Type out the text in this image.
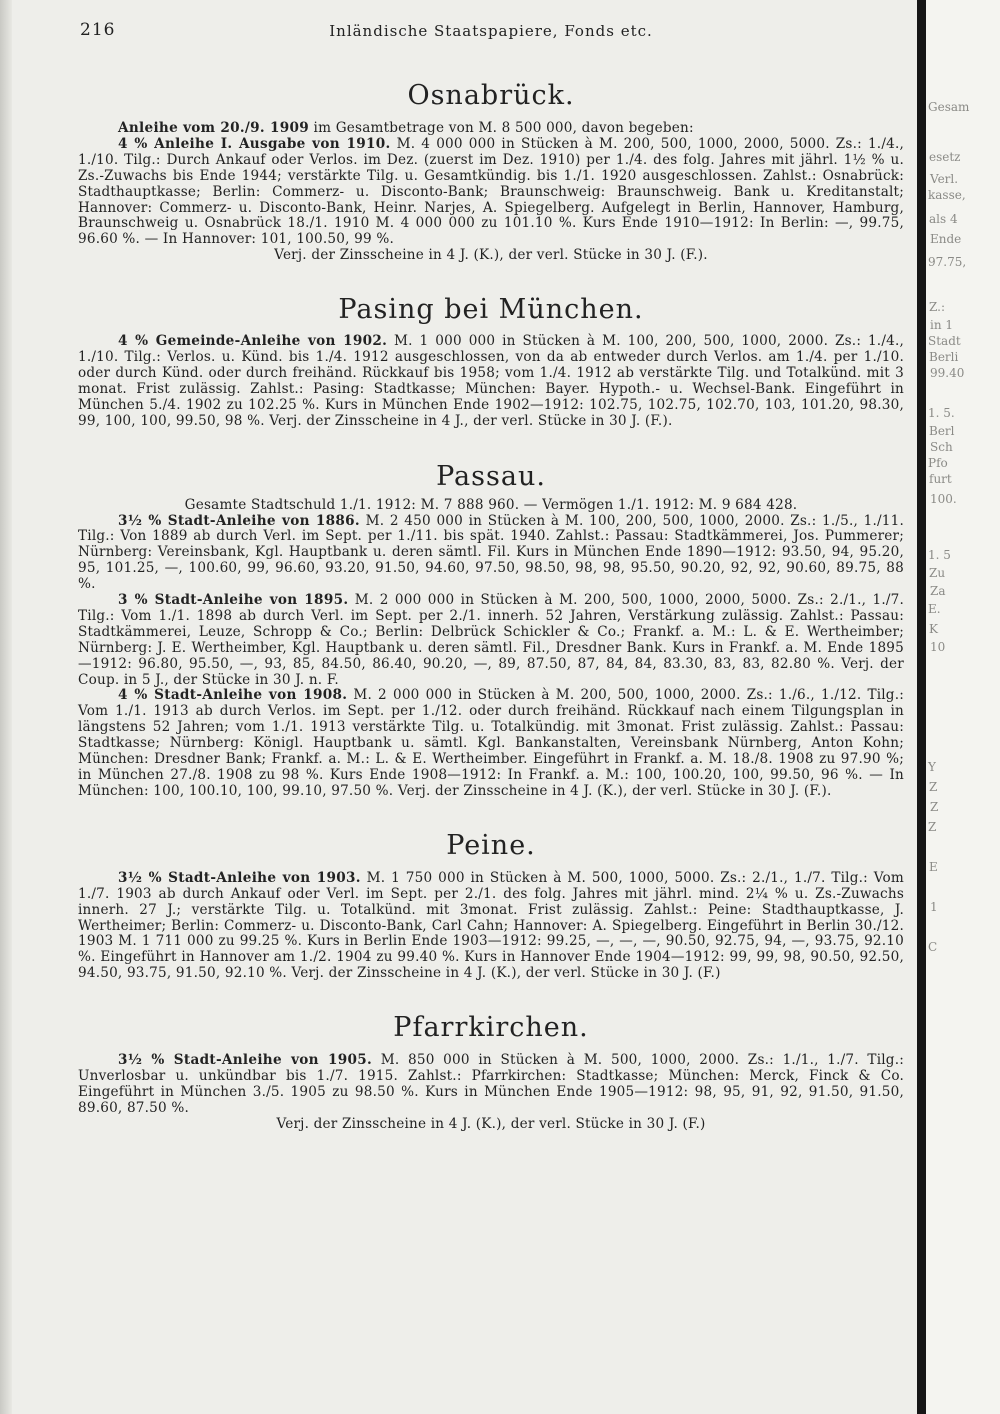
216	Inländische Staatspapiere, Fonds etc.
Osnabrück.

Anleihe vom 20./9. 1909 im Gesamtbetrage von M. 8 500 000, davon begeben:

4 % Anleihe I. Ausgabe von 1910. M. 4 000 000 in Stücken à M. 200, 500, 1000, 2000, 5000. Zs.: 1./4., 1./10. Tilg.: Durch Ankauf oder Verlos. im Dez. (zuerst im Dez. 1910) per 1./4. des folg. Jahres mit jährl. 1½ % u. Zs.-Zuwachs bis Ende 1944; verstärkte Tilg. u. Gesamtkündig. bis 1./1. 1920 ausgeschlossen. Zahlst.: Osnabrück: Stadthauptkasse; Berlin: Commerz- u. Disconto-Bank; Braunschweig: Braunschweig. Bank u. Kreditanstalt; Hannover: Commerz- u. Disconto-Bank, Heinr. Narjes, A. Spiegelberg. Aufgelegt in Berlin, Hannover, Hamburg, Braunschweig u. Osnabrück 18./1. 1910 M. 4 000 000 zu 101.10 %. Kurs Ende 1910—1912: In Berlin: —, 99.75, 96.60 %. — In Hannover: 101, 100.50, 99 %.

Verj. der Zinsscheine in 4 J. (K.), der verl. Stücke in 30 J. (F.).

Pasing bei München.

4 % Gemeinde-Anleihe von 1902. M. 1 000 000 in Stücken à M. 100, 200, 500, 1000, 2000. Zs.: 1./4., 1./10. Tilg.: Verlos. u. Künd. bis 1./4. 1912 ausgeschlossen, von da ab entweder durch Verlos. am 1./4. per 1./10. oder durch Künd. oder durch freihänd. Rückkauf bis 1958; vom 1./4. 1912 ab verstärkte Tilg. und Totalkünd. mit 3 monat. Frist zulässig. Zahlst.: Pasing: Stadtkasse; München: Bayer. Hypoth.- u. Wechsel-Bank. Eingeführt in München 5./4. 1902 zu 102.25 %. Kurs in München Ende 1902—1912: 102.75, 102.75, 102.70, 103, 101.20, 98.30, 99, 100, 100, 99.50, 98 %. Verj. der Zinsscheine in 4 J., der verl. Stücke in 30 J. (F.).

Passau.

Gesamte Stadtschuld 1./1. 1912: M. 7 888 960. — Vermögen 1./1. 1912: M. 9 684 428.

3½ % Stadt-Anleihe von 1886. M. 2 450 000 in Stücken à M. 100, 200, 500, 1000, 2000. Zs.: 1./5., 1./11. Tilg.: Von 1889 ab durch Verl. im Sept. per 1./11. bis spät. 1940. Zahlst.: Passau: Stadtkämmerei, Jos. Pummerer; Nürnberg: Vereinsbank, Kgl. Hauptbank u. deren sämtl. Fil. Kurs in München Ende 1890—1912: 93.50, 94, 95.20, 95, 101.25, —, 100.60, 99, 96.60, 93.20, 91.50, 94.60, 97.50, 98.50, 98, 98, 95.50, 90.20, 92, 92, 90.60, 89.75, 88 %.

3 % Stadt-Anleihe von 1895. M. 2 000 000 in Stücken à M. 200, 500, 1000, 2000, 5000. Zs.: 2./1., 1./7. Tilg.: Vom 1./1. 1898 ab durch Verl. im Sept. per 2./1. innerh. 52 Jahren, Verstärkung zulässig. Zahlst.: Passau: Stadtkämmerei, Leuze, Schropp & Co.; Berlin: Delbrück Schickler & Co.; Frankf. a. M.: L. & E. Wertheimber; Nürnberg: J. E. Wertheimber, Kgl. Hauptbank u. deren sämtl. Fil., Dresdner Bank. Kurs in Frankf. a. M. Ende 1895—1912: 96.80, 95.50, —, 93, 85, 84.50, 86.40, 90.20, —, 89, 87.50, 87, 84, 84, 83.30, 83, 83, 82.80 %. Verj. der Coup. in 5 J., der Stücke in 30 J. n. F.

4 % Stadt-Anleihe von 1908. M. 2 000 000 in Stücken à M. 200, 500, 1000, 2000. Zs.: 1./6., 1./12. Tilg.: Vom 1./1. 1913 ab durch Verlos. im Sept. per 1./12. oder durch freihänd. Rückkauf nach einem Tilgungsplan in längstens 52 Jahren; vom 1./1. 1913 verstärkte Tilg. u. Totalkündig. mit 3monat. Frist zulässig. Zahlst.: Passau: Stadtkasse; Nürnberg: Königl. Hauptbank u. sämtl. Kgl. Bankanstalten, Vereinsbank Nürnberg, Anton Kohn; München: Dresdner Bank; Frankf. a. M.: L. & E. Wertheimber. Eingeführt in Frankf. a. M. 18./8. 1908 zu 97.90 %; in München 27./8. 1908 zu 98 %. Kurs Ende 1908—1912: In Frankf. a. M.: 100, 100.20, 100, 99.50, 96 %. — In München: 100, 100.10, 100, 99.10, 97.50 %. Verj. der Zinsscheine in 4 J. (K.), der verl. Stücke in 30 J. (F.).

Peine.

3½ % Stadt-Anleihe von 1903. M. 1 750 000 in Stücken à M. 500, 1000, 5000. Zs.: 2./1., 1./7. Tilg.: Vom 1./7. 1903 ab durch Ankauf oder Verl. im Sept. per 2./1. des folg. Jahres mit jährl. mind. 2¼ % u. Zs.-Zuwachs innerh. 27 J.; verstärkte Tilg. u. Totalkünd. mit 3monat. Frist zulässig. Zahlst.: Peine: Stadthauptkasse, J. Wertheimer; Berlin: Commerz- u. Disconto-Bank, Carl Cahn; Hannover: A. Spiegelberg. Eingeführt in Berlin 30./12. 1903 M. 1 711 000 zu 99.25 %. Kurs in Berlin Ende 1903—1912: 99.25, —, —, —, 90.50, 92.75, 94, —, 93.75, 92.10 %. Eingeführt in Hannover am 1./2. 1904 zu 99.40 %. Kurs in Hannover Ende 1904—1912: 99, 99, 98, 90.50, 92.50, 94.50, 93.75, 91.50, 92.10 %. Verj. der Zinsscheine in 4 J. (K.), der verl. Stücke in 30 J. (F.)

Pfarrkirchen.

3½ % Stadt-Anleihe von 1905. M. 850 000 in Stücken à M. 500, 1000, 2000. Zs.: 1./1., 1./7. Tilg.: Unverlosbar u. unkündbar bis 1./7. 1915. Zahlst.: Pfarrkirchen: Stadtkasse; München: Merck, Finck & Co. Eingeführt in München 3./5. 1905 zu 98.50 %. Kurs in München Ende 1905—1912: 98, 95, 91, 92, 91.50, 91.50, 89.60, 87.50 %.

Verj. der Zinsscheine in 4 J. (K.), der verl. Stücke in 30 J. (F.)

Gesam
esetz
Verl.
kasse,
als 4
Ende
97.75,
Z.:
in 1
Stadt
Berli
99.40
1. 5.
Berl
Sch
Pfo
furt
100.
1. 5
Zu
Za
E.
K
10
Y
Z
Z
Z
E
1
C
